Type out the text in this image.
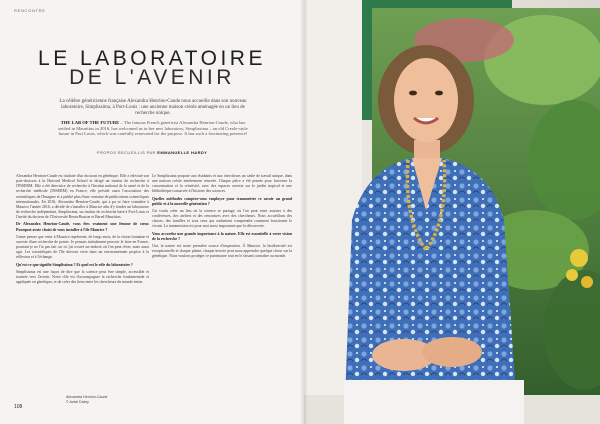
RENCONTRE
LE LABORATOIRE
DE L'AVENIR
La célèbre généticienne française Alexandra Henrion-Caude nous accueille dans son nouveau laboratoire, Simplissima, à Port-Louis : une ancienne maison créole aménagée en un lieu de recherche unique.
THE LAB OF THE FUTURE – The famous French geneticist Alexandra Henrion-Caude, who has settled in Mauritius in 2016, has welcomed us in her new laboratory, Simplissima – an old Creole-style house in Port Louis, which was carefully renovated for the purpose. It has such a fascinating presence!
PROPOS RECUEILLIS PAR EMMANUELLE HARDY

Alexandra Henrion-Caude est titulaire d'un doctorat en génétique. Elle a effectué son post-doctorat à la Harvard Medical School et dirigé un institut de recherche à l'INSERM. Elle a été directrice de recherche à l'Institut national de la santé et de la recherche médicale (INSERM) en France, elle préside aussi l'association des scientifiques de l'Imagine et a publié plus d'une centaine de publications scientifiques internationales. En 2016, Alexandra Henrion-Caude, qui a pu se faire connaître à Maurice l'année 2016, a décidé de s'installer à Maurice afin d'y fonder un laboratoire de recherche indépendant, Simplissima, un institut de recherche basé à Port-Louis et l'invité du docteur de l'Université Beata-Buxton et Bared Mauritius.

Dr Alexandra Henrion-Caude, vous êtes vraiment une femme de cœur. Pourquoi avoir choisi de vous installer à l'île Maurice ?

J'aime penser que venir à Maurice représente, de longs mois, de la vision lointaine et ouverte d'une recherche de pointe. Je pensais initialement pouvoir le faire en France, pourtant je ne l'ai pas fait car ici j'ai trouvé un endroit où l'on peut rêver, mais aussi agir. Les scientifiques de l'île doivent vivre dans un environnement propice à la réflexion et à l'échange.

Qu'est-ce que signifie Simplissima ? Et quel est le rôle du laboratoire ?

Simplissima est une façon de dire que la science peut être simple, accessible et tournée vers l'avenir. Notre rôle est d'accompagner la recherche fondamentale et appliquée en génétique, et de créer des liens entre les chercheurs du monde entier.

Le Simplissima propose aux étudiants et aux chercheurs un cadre de travail unique, dans une maison créole entièrement rénovée. Chaque pièce a été pensée pour favoriser la concentration et la créativité, avec des espaces ouverts sur le jardin tropical et une bibliothèque consacrée à l'histoire des sciences.

Quelles méthodes comptez-vous employer pour transmettre ce savoir au grand public et à la nouvelle génération ?

J'ai voulu créer un lieu où la science se partage, où l'on peut venir assister à des conférences, des ateliers et des rencontres avec des chercheurs. Nous accueillons des classes, des familles et tous ceux qui souhaitent comprendre comment fonctionne le vivant. La transmission est pour moi aussi importante que la découverte.

Vous accordez une grande importance à la nature. Elle est essentielle à votre vision de la recherche ?

Oui, la nature est notre première source d'inspiration. À Maurice, la biodiversité est exceptionnelle et chaque plante, chaque insecte peut nous apprendre quelque chose sur la génétique. Nous voulons protéger ce patrimoine tout en le faisant connaître au monde.

108
Alexandra Henrion-Caude
© Avish Dabry
